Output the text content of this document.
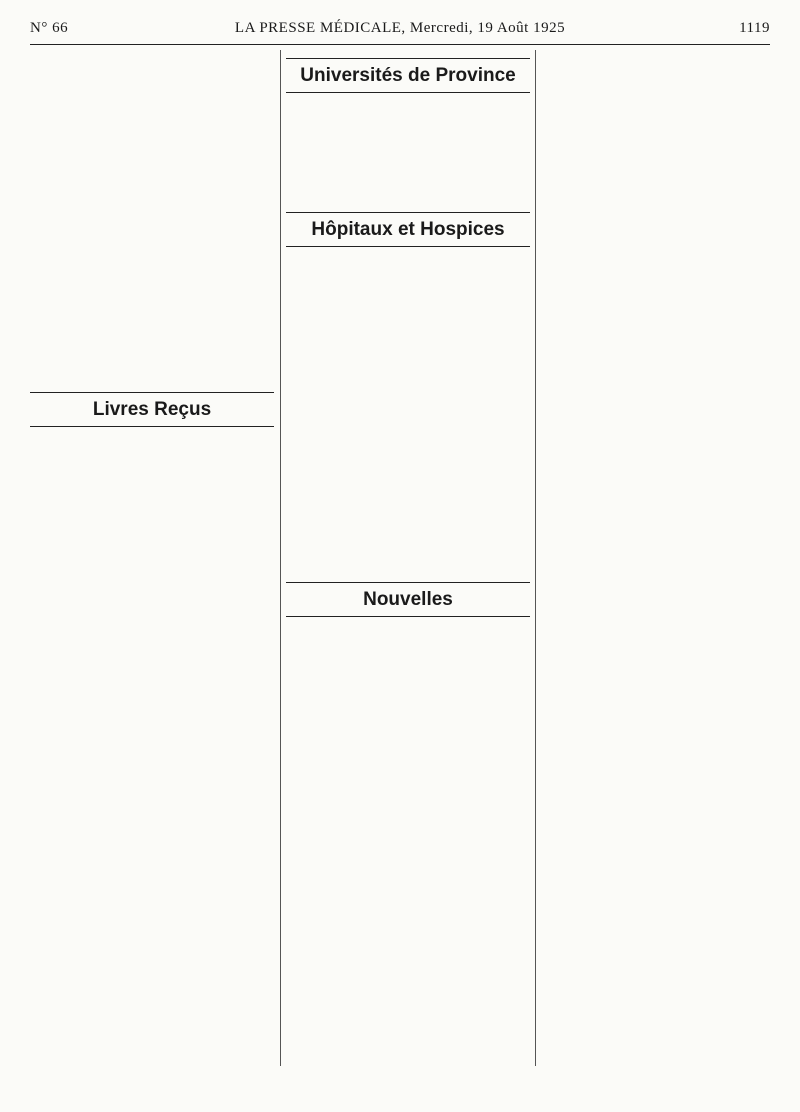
N° 66	LA PRESSE MÉDICALE, Mercredi, 19 Août 1925	1119
Livres Reçus
Universités de Province
Hôpitaux et Hospices
Nouvelles
